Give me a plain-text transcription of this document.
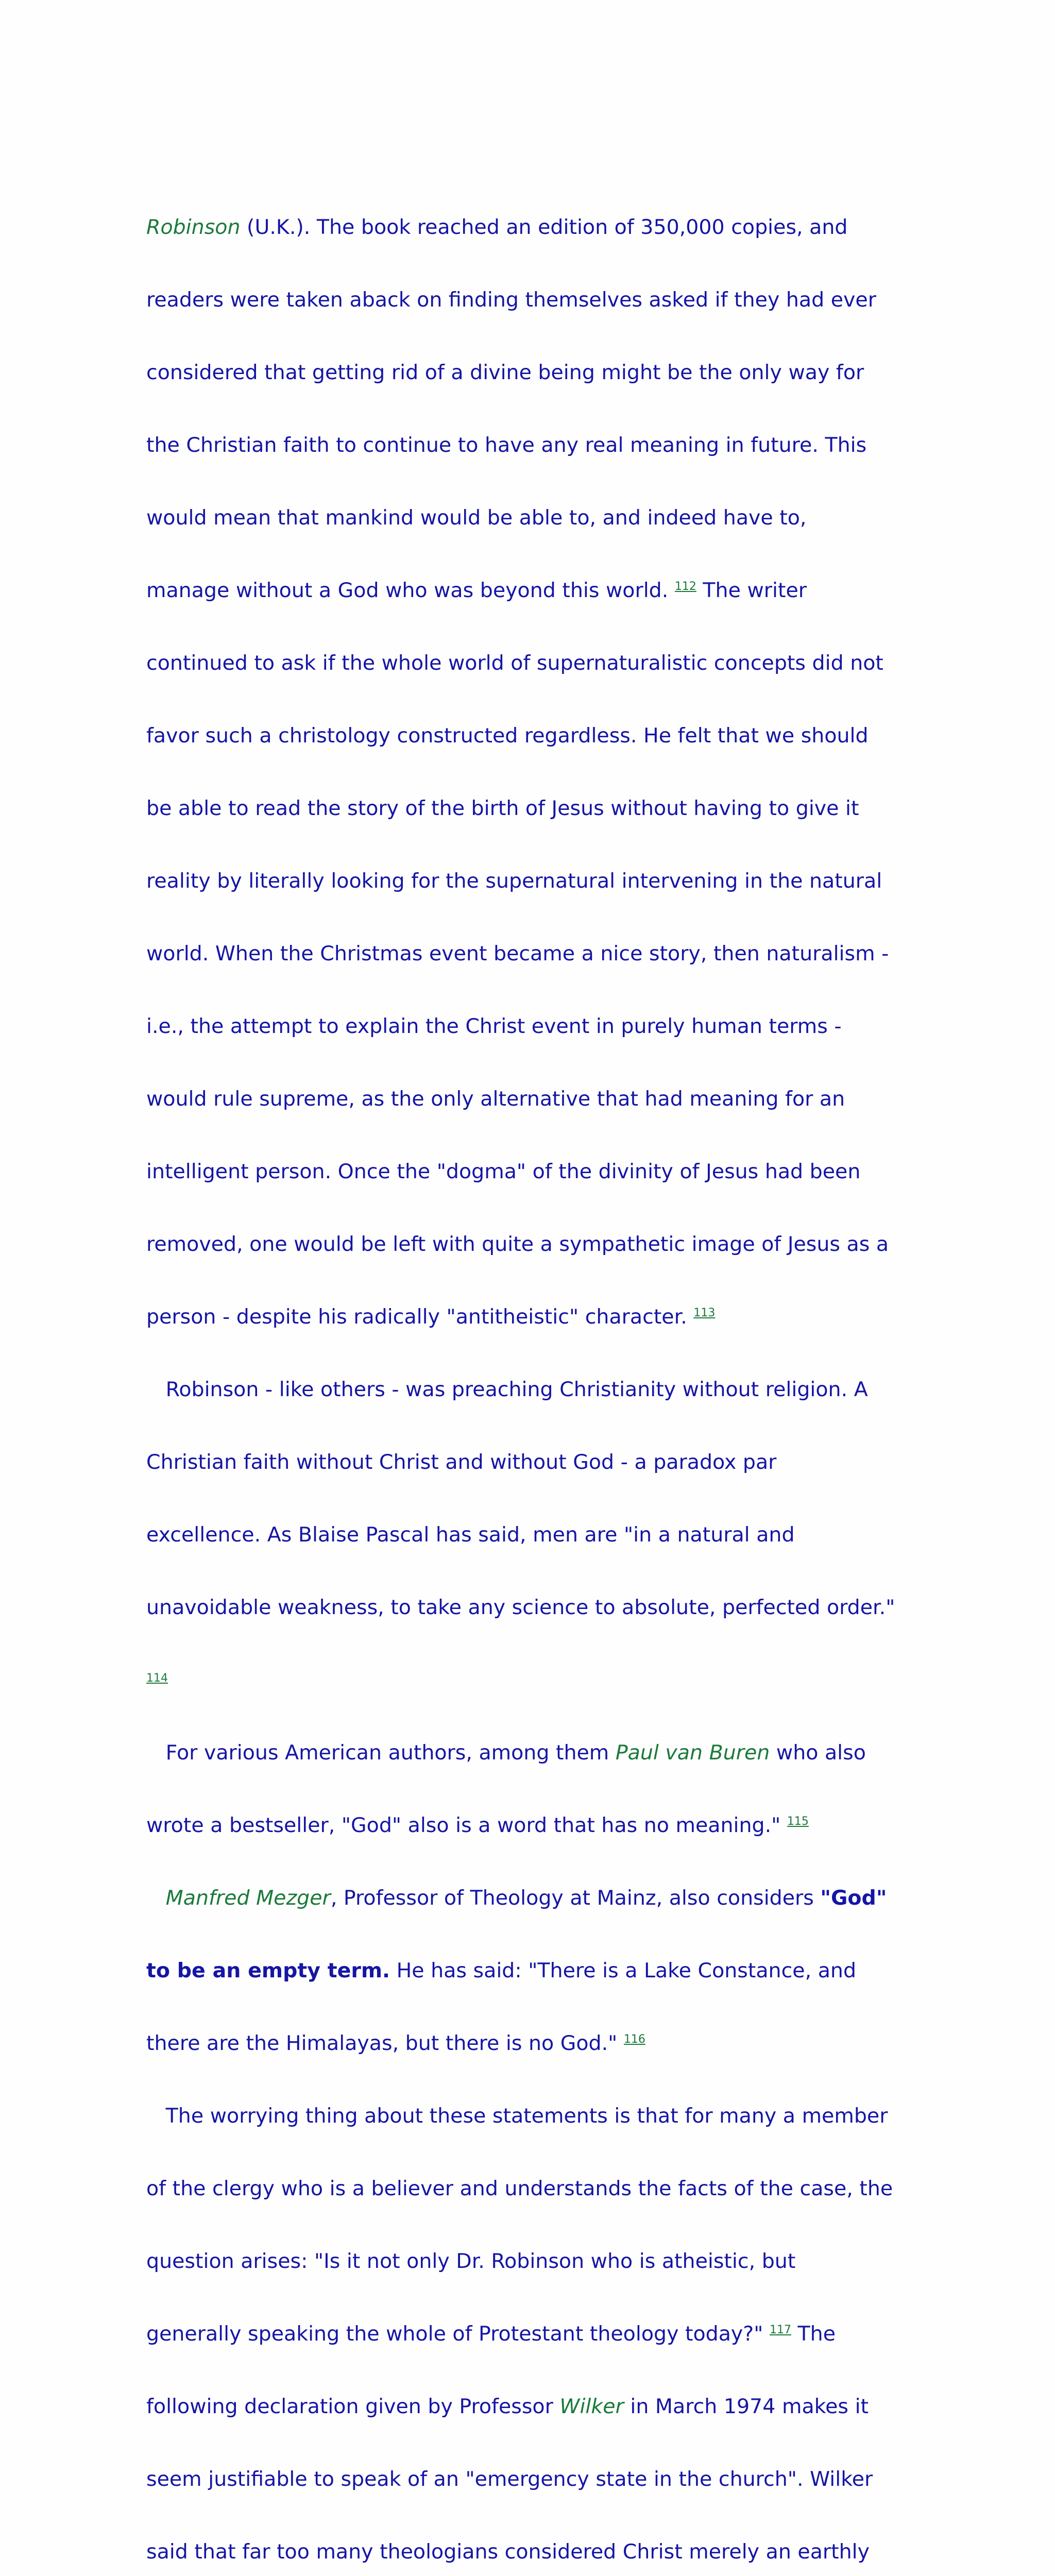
Robinson (U.K.). The book reached an edition of 350,000 copies, and

readers were taken aback on finding themselves asked if they had ever

considered that getting rid of a divine being might be the only way for

the Christian faith to continue to have any real meaning in future. This

would mean that mankind would be able to, and indeed have to,

manage without a God who was beyond this world. $^{112}$ The writer

continued to ask if the whole world of supernaturalistic concepts did not

favor such a christology constructed regardless. He felt that we should

be able to read the story of the birth of Jesus without having to give it

reality by literally looking for the supernatural intervening in the natural

world. When the Christmas event became a nice story, then naturalism -

i.e., the attempt to explain the Christ event in purely human terms -

would rule supreme, as the only alternative that had meaning for an

intelligent person. Once the "dogma" of the divinity of Jesus had been

removed, one would be left with quite a sympathetic image of Jesus as a

person - despite his radically "antitheistic" character. $^{113}$

Robinson - like others - was preaching Christianity without religion. A

Christian faith without Christ and without God - a paradox par

excellence. As Blaise Pascal has said, men are "in a natural and

unavoidable weakness, to take any science to absolute, perfected order."

114

For various American authors, among them Paul van Buren who also

wrote a bestseller, "God" also is a word that has no meaning." $^{115}$

Manfred Mezger, Professor of Theology at Mainz, also considers "God"

to be an empty term. He has said: "There is a Lake Constance, and

there are the Himalayas, but there is no God." $^{116}$

The worrying thing about these statements is that for many a member

of the clergy who is a believer and understands the facts of the case, the

question arises: "Is it not only Dr. Robinson who is atheistic, but

generally speaking the whole of Protestant theology today?" $^{117}$ The

following declaration given by Professor Wilker in March 1974 makes it

seem justifiable to speak of an "emergency state in the church". Wilker

said that far too many theologians considered Christ merely an earthly
